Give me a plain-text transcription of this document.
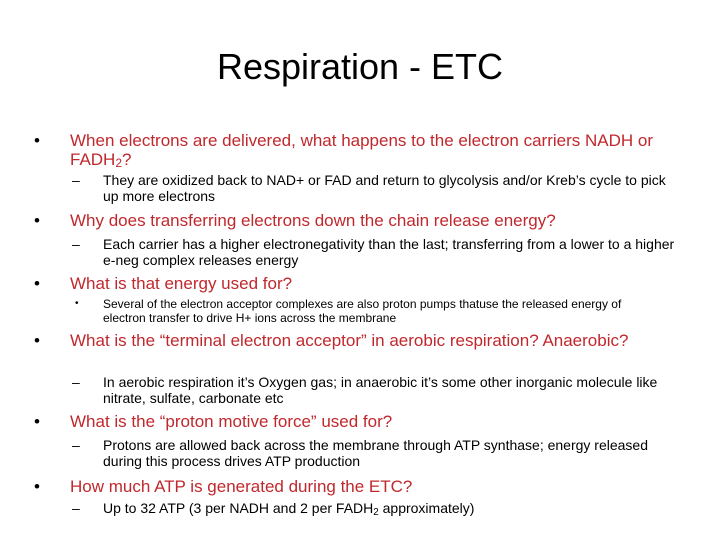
Respiration - ETC
• When electrons are delivered, what happens to the electron carriers NADH or $FADH_2$?
– They are oxidized back to NAD+ or FAD and return to glycolysis and/or Kreb’s cycle to pick up more electrons
• Why does transferring electrons down the chain release energy?
– Each carrier has a higher electronegativity than the last; transferring from a lower to a higher e-neg complex releases energy
• What is that energy used for?
• Several of the electron acceptor complexes are also proton pumps thatuse the released energy of electron transfer to drive H+ ions across the membrane
• What is the “terminal electron acceptor” in aerobic respiration? Anaerobic?
– In aerobic respiration it’s Oxygen gas; in anaerobic it’s some other inorganic molecule like nitrate, sulfate, carbonate etc
• What is the “proton motive force” used for?
– Protons are allowed back across the membrane through ATP synthase; energy released during this process drives ATP production
• How much ATP is generated during the ETC?
– Up to 32 ATP (3 per NADH and 2 per $FADH_2$ approximately)
